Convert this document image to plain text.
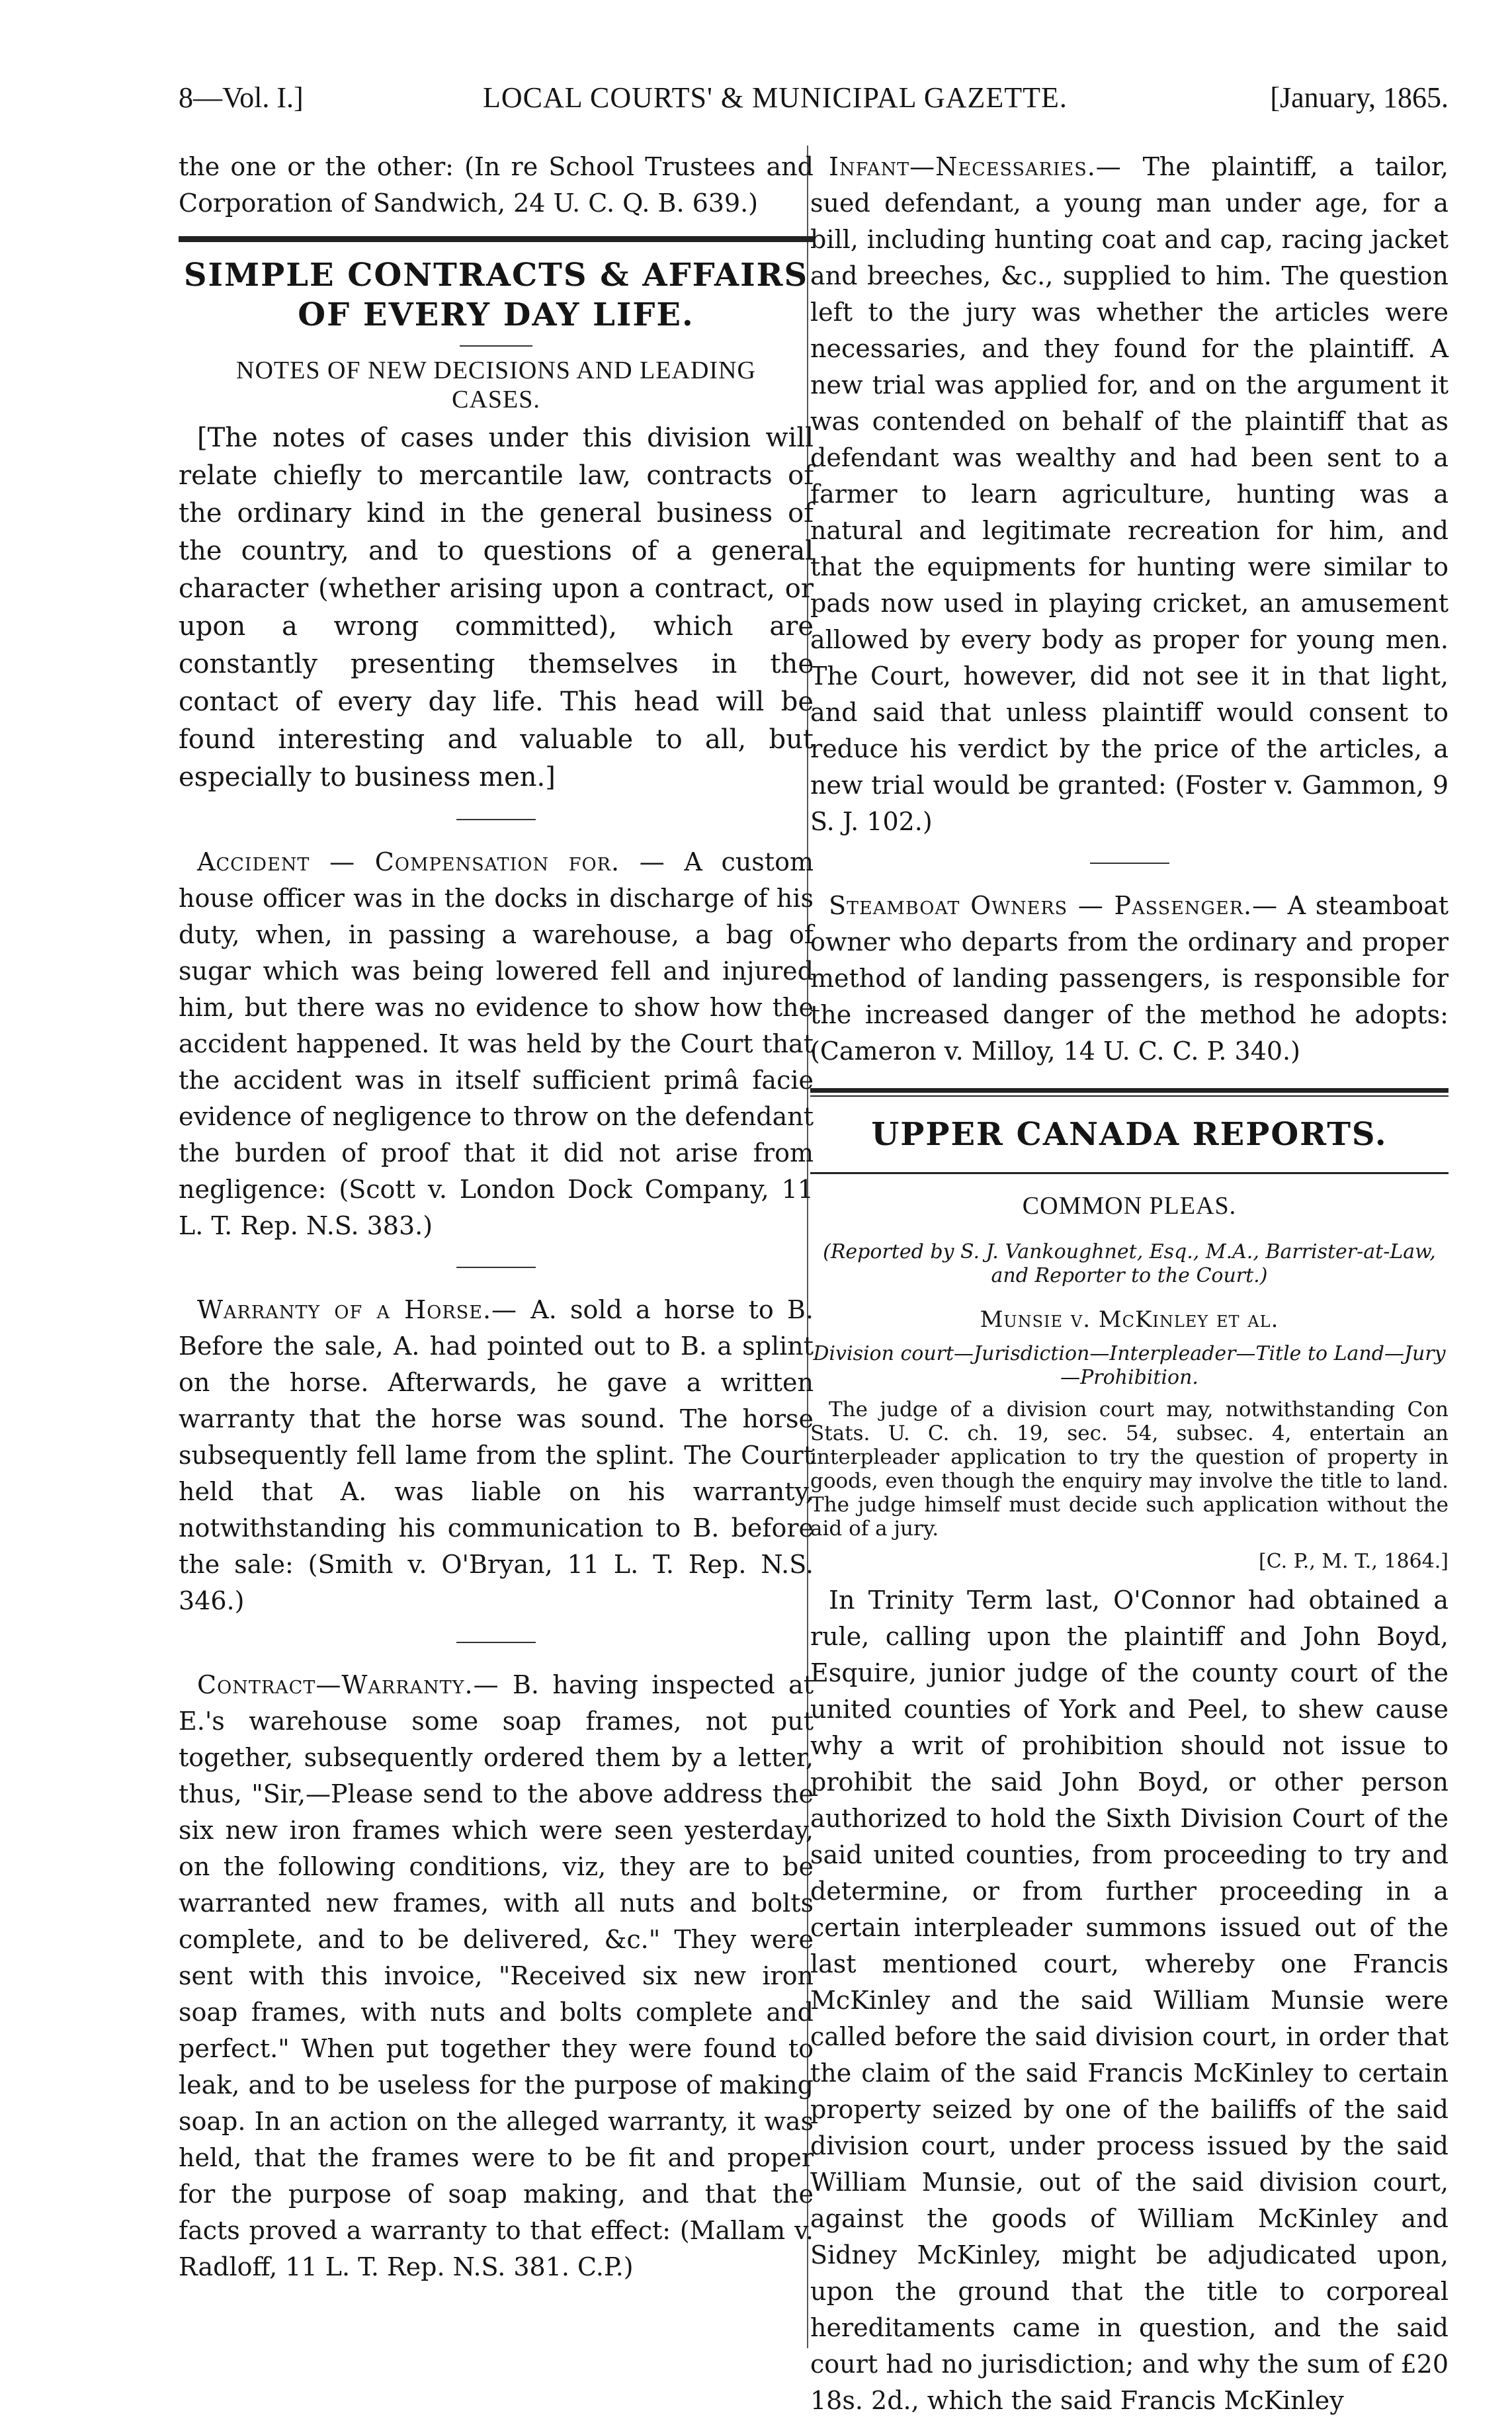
8—Vol. I.]	LOCAL COURTS' & MUNICIPAL GAZETTE.	[January, 1865.

the one or the other: (In re School Trustees and Corporation of Sandwich, 24 U. C. Q. B. 639.)

SIMPLE CONTRACTS & AFFAIRS
OF EVERY DAY LIFE.
NOTES OF NEW DECISIONS AND LEADING
CASES.

[The notes of cases under this division will relate chiefly to mercantile law, contracts of the ordinary kind in the general business of the country, and to questions of a general character (whether arising upon a contract, or upon a wrong committed), which are constantly presenting themselves in the contact of every day life. This head will be found interesting and valuable to all, but especially to business men.]

Accident — Compensation for. — A custom house officer was in the docks in discharge of his duty, when, in passing a warehouse, a bag of sugar which was being lowered fell and injured him, but there was no evidence to show how the accident happened. It was held by the Court that the accident was in itself sufficient primâ facie evidence of negligence to throw on the defendant the burden of proof that it did not arise from negligence: (Scott v. London Dock Company, 11 L. T. Rep. N.S. 383.)

Warranty of a Horse.— A. sold a horse to B. Before the sale, A. had pointed out to B. a splint on the horse. Afterwards, he gave a written warranty that the horse was sound. The horse subsequently fell lame from the splint. The Court held that A. was liable on his warranty, notwithstanding his communication to B. before the sale: (Smith v. O'Bryan, 11 L. T. Rep. N.S. 346.)

Contract—Warranty.— B. having inspected at E.'s warehouse some soap frames, not put together, subsequently ordered them by a letter, thus, "Sir,—Please send to the above address the six new iron frames which were seen yesterday, on the following conditions, viz, they are to be warranted new frames, with all nuts and bolts complete, and to be delivered, &c." They were sent with this invoice, "Received six new iron soap frames, with nuts and bolts complete and perfect." When put together they were found to leak, and to be useless for the purpose of making soap. In an action on the alleged warranty, it was held, that the frames were to be fit and proper for the purpose of soap making, and that the facts proved a warranty to that effect: (Mallam v. Radloff, 11 L. T. Rep. N.S. 381. C.P.)

Infant—Necessaries.— The plaintiff, a tailor, sued defendant, a young man under age, for a bill, including hunting coat and cap, racing jacket and breeches, &c., supplied to him. The question left to the jury was whether the articles were necessaries, and they found for the plaintiff. A new trial was applied for, and on the argument it was contended on behalf of the plaintiff that as defendant was wealthy and had been sent to a farmer to learn agriculture, hunting was a natural and legitimate recreation for him, and that the equipments for hunting were similar to pads now used in playing cricket, an amusement allowed by every body as proper for young men. The Court, however, did not see it in that light, and said that unless plaintiff would consent to reduce his verdict by the price of the articles, a new trial would be granted: (Foster v. Gammon, 9 S. J. 102.)

Steamboat Owners — Passenger.— A steamboat owner who departs from the ordinary and proper method of landing passengers, is responsible for the increased danger of the method he adopts: (Cameron v. Milloy, 14 U. C. C. P. 340.)

UPPER CANADA REPORTS.
COMMON PLEAS.
(Reported by S. J. Vankoughnet, Esq., M.A., Barrister-at-Law, and Reporter to the Court.)
Munsie v. McKinley et al.
Division court—Jurisdiction—Interpleader—Title to Land—Jury—Prohibition.

The judge of a division court may, notwithstanding Con Stats. U. C. ch. 19, sec. 54, subsec. 4, entertain an interpleader application to try the question of property in goods, even though the enquiry may involve the title to land. The judge himself must decide such application without the aid of a jury.

[C. P., M. T., 1864.]

In Trinity Term last, O'Connor had obtained a rule, calling upon the plaintiff and John Boyd, Esquire, junior judge of the county court of the united counties of York and Peel, to shew cause why a writ of prohibition should not issue to prohibit the said John Boyd, or other person authorized to hold the Sixth Division Court of the said united counties, from proceeding to try and determine, or from further proceeding in a certain interpleader summons issued out of the last mentioned court, whereby one Francis McKinley and the said William Munsie were called before the said division court, in order that the claim of the said Francis McKinley to certain property seized by one of the bailiffs of the said division court, under process issued by the said William Munsie, out of the said division court, against the goods of William McKinley and Sidney McKinley, might be adjudicated upon, upon the ground that the title to corporeal hereditaments came in question, and the said court had no jurisdiction; and why the sum of £20 18s. 2d., which the said Francis McKinley
